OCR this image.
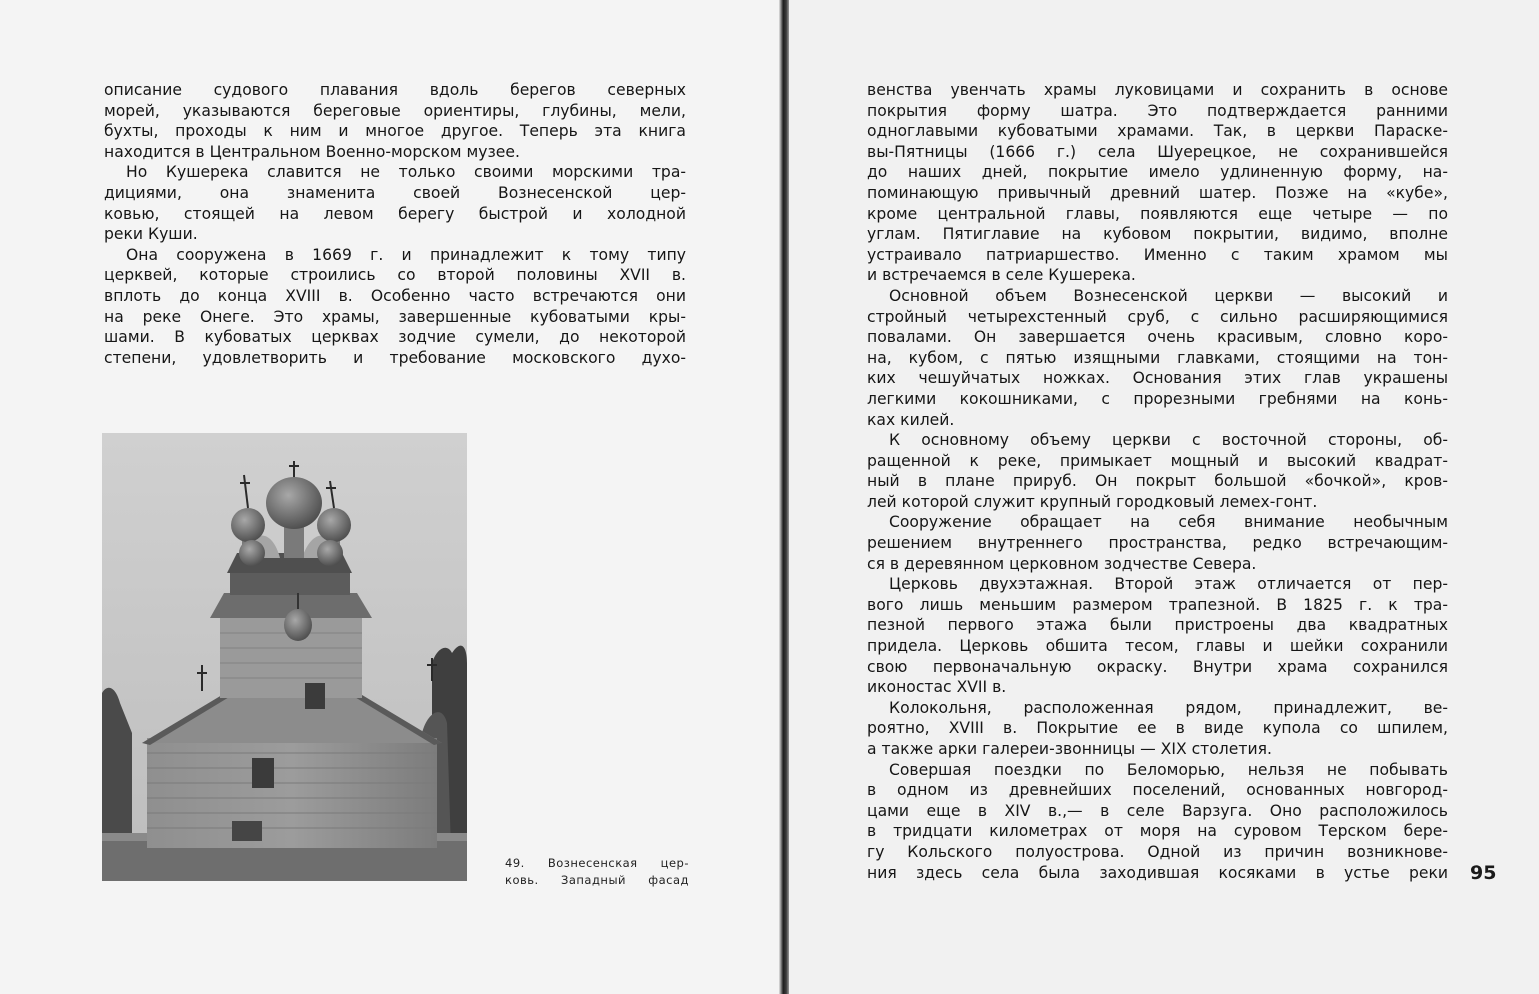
описание судового плавания вдоль берегов северных
морей, указываются береговые ориентиры, глубины, мели,
бухты, проходы к ним и многое другое. Теперь эта книга
находится в Центральном Военно-морском музее.
Но Кушерека славится не только своими морскими тра-
дициями, она знаменита своей Вознесенской цер-
ковью, стоящей на левом берегу быстрой и холодной
реки Куши.
Она сооружена в 1669 г. и принадлежит к тому типу
церквей, которые строились со второй половины XVII в.
вплоть до конца XVIII в. Особенно часто встречаются они
на реке Онеге. Это храмы, завершенные кубоватыми кры-
шами. В кубоватых церквах зодчие сумели, до некоторой
степени, удовлетворить и требование московского духо-
49. Вознесенская цер-
ковь. Западный фасад
венства увенчать храмы луковицами и сохранить в основе
покрытия форму шатра. Это подтверждается ранними
одноглавыми кубоватыми храмами. Так, в церкви Параске-
вы-Пятницы (1666 г.) села Шуерецкое, не сохранившейся
до наших дней, покрытие имело удлиненную форму, на-
поминающую привычный древний шатер. Позже на «кубе»,
кроме центральной главы, появляются еще четыре — по
углам. Пятиглавие на кубовом покрытии, видимо, вполне
устраивало патриаршество. Именно с таким храмом мы
и встречаемся в селе Кушерека.
Основной объем Вознесенской церкви — высокий и
стройный четырехстенный сруб, с сильно расширяющимися
повалами. Он завершается очень красивым, словно коро-
на, кубом, с пятью изящными главками, стоящими на тон-
ких чешуйчатых ножках. Основания этих глав украшены
легкими кокошниками, с прорезными гребнями на конь-
ках килей.
К основному объему церкви с восточной стороны, об-
ращенной к реке, примыкает мощный и высокий квадрат-
ный в плане прируб. Он покрыт большой «бочкой», кров-
лей которой служит крупный городковый лемех-гонт.
Сооружение обращает на себя внимание необычным
решением внутреннего пространства, редко встречающим-
ся в деревянном церковном зодчестве Севера.
Церковь двухэтажная. Второй этаж отличается от пер-
вого лишь меньшим размером трапезной. В 1825 г. к тра-
пезной первого этажа были пристроены два квадратных
придела. Церковь обшита тесом, главы и шейки сохранили
свою первоначальную окраску. Внутри храма сохранился
иконостас XVII в.
Колокольня, расположенная рядом, принадлежит, ве-
роятно, XVIII в. Покрытие ее в виде купола со шпилем,
а также арки галереи-звонницы — XIX столетия.
Совершая поездки по Беломорью, нельзя не побывать
в одном из древнейших поселений, основанных новгород-
цами еще в XIV в.,— в селе Варзуга. Оно расположилось
в тридцати километрах от моря на суровом Терском бере-
гу Кольского полуострова. Одной из причин возникнове-
ния здесь села была заходившая косяками в устье реки 95
